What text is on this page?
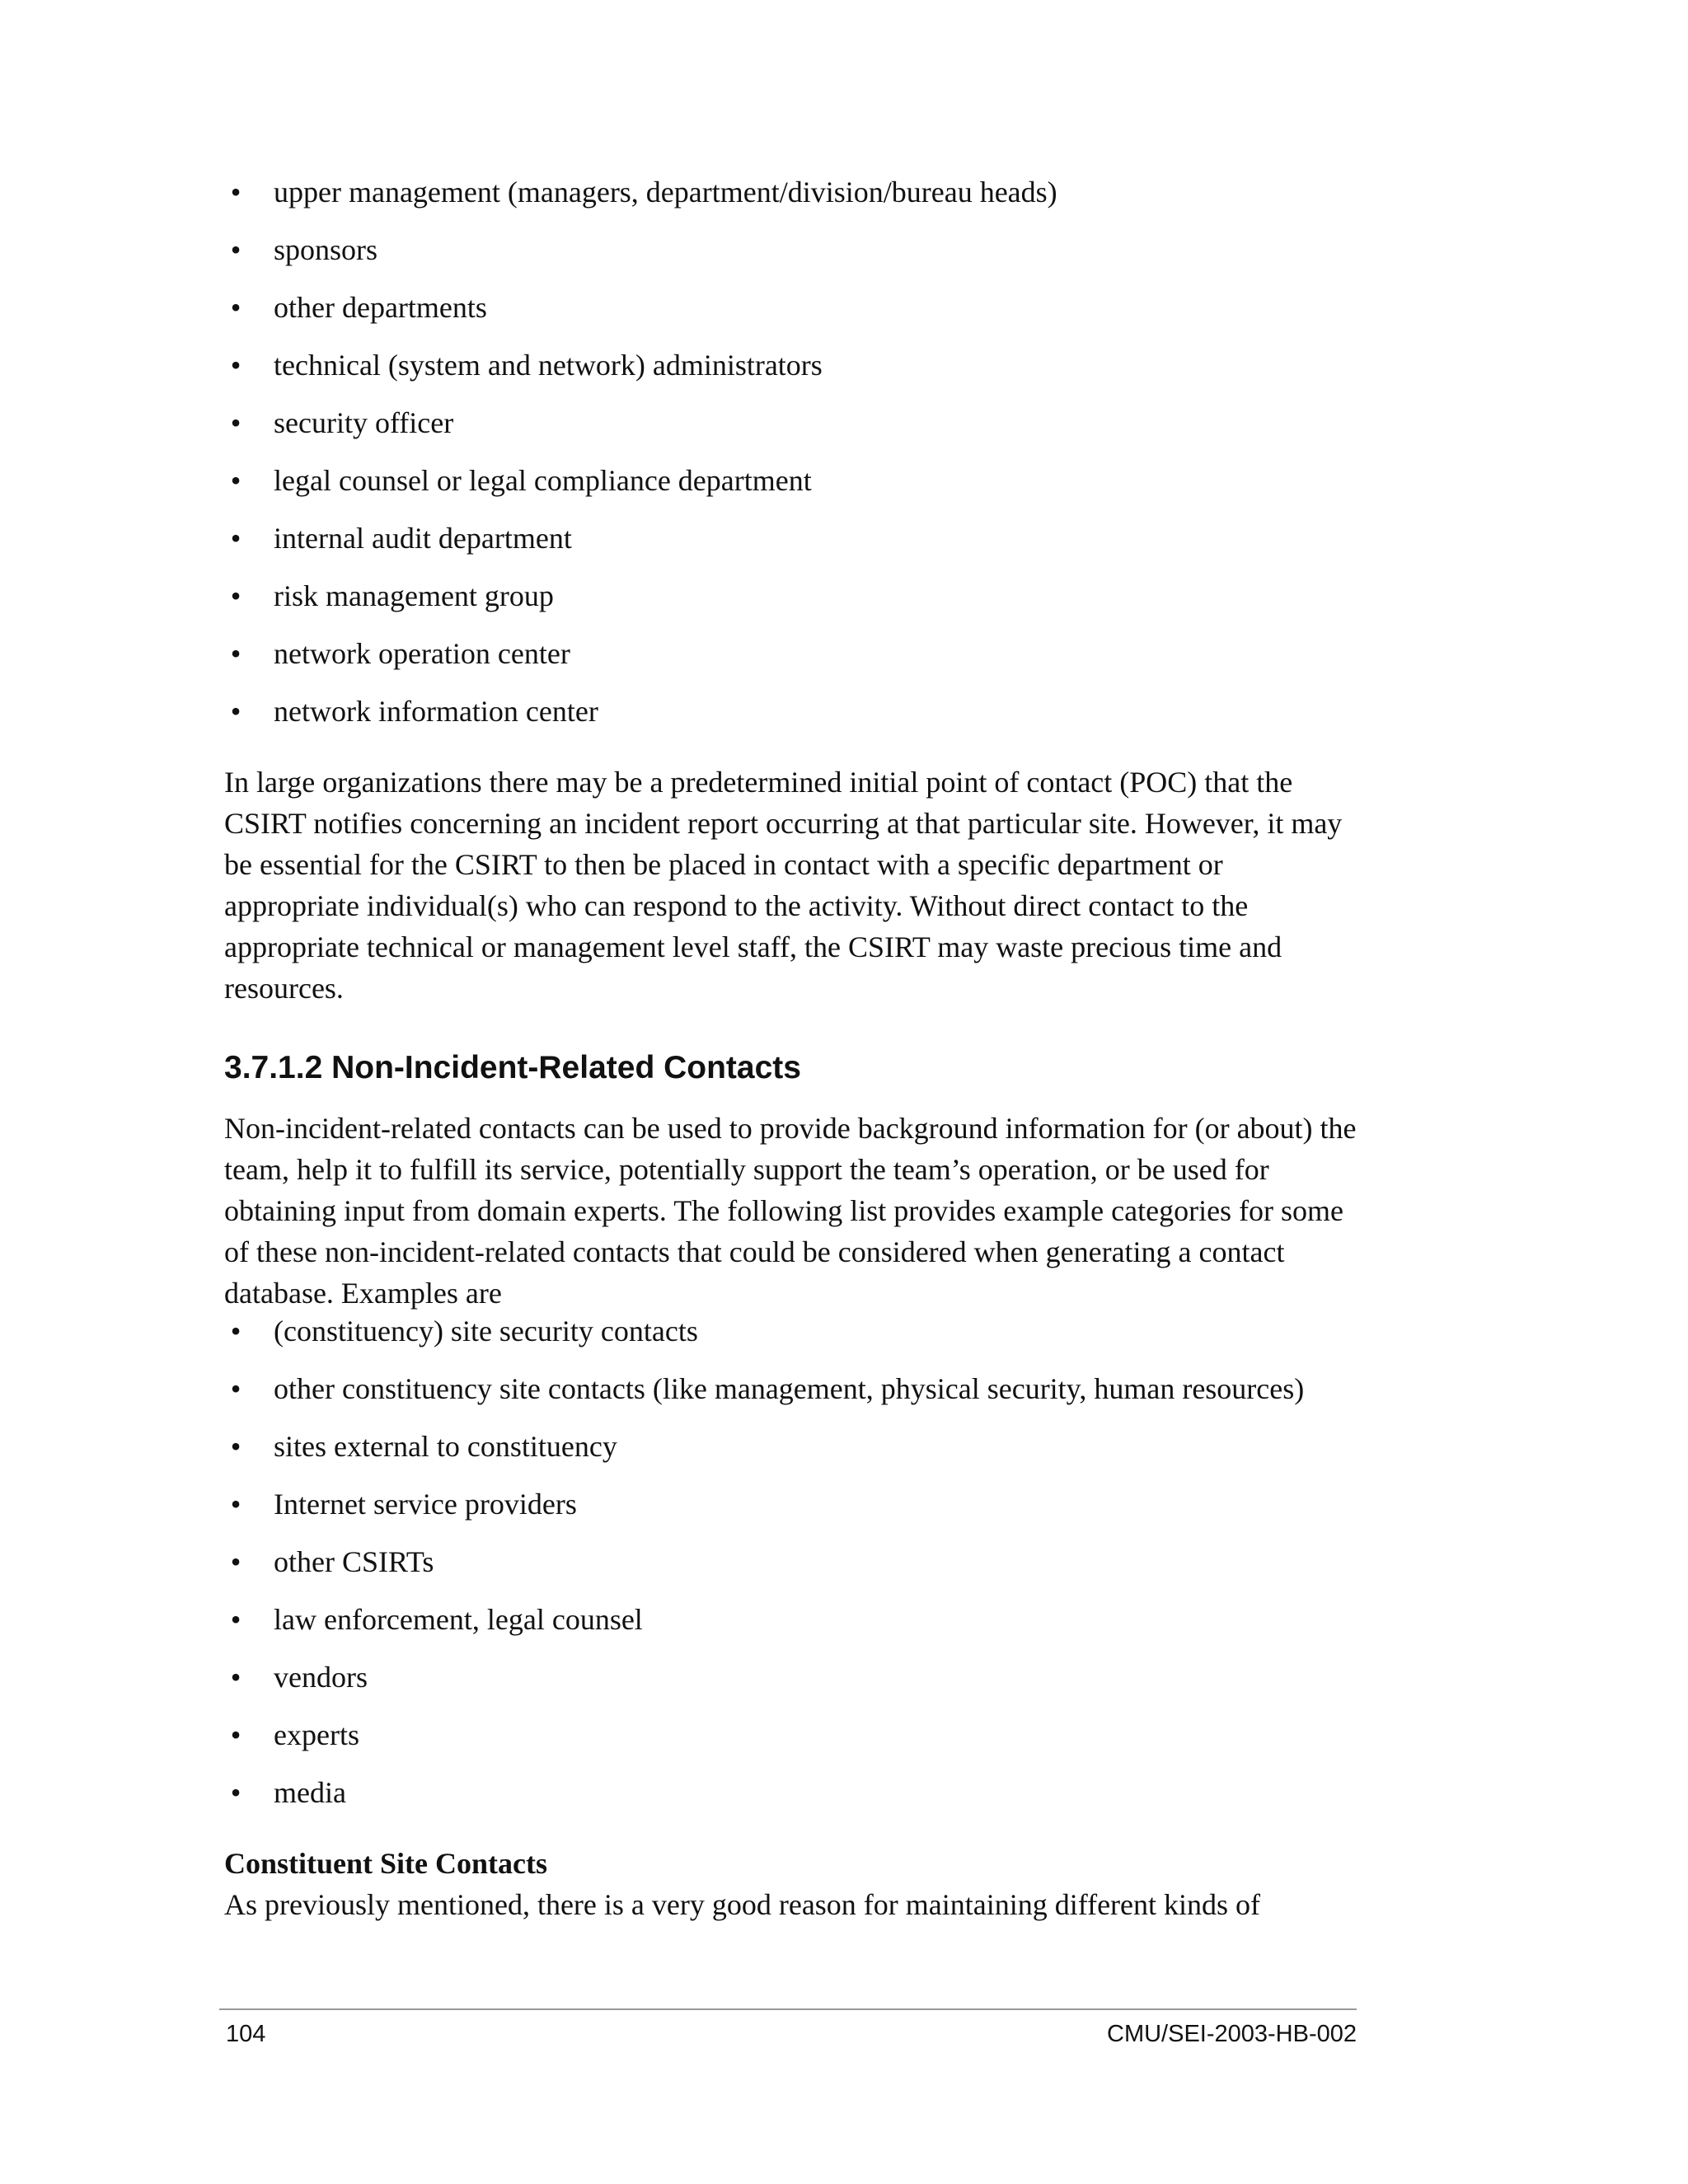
• upper management (managers, department/division/bureau heads)
• sponsors
• other departments
• technical (system and network) administrators
• security officer
• legal counsel or legal compliance department
• internal audit department
• risk management group
• network operation center
• network information center

In large organizations there may be a predetermined initial point of contact (POC) that the CSIRT notifies concerning an incident report occurring at that particular site. However, it may be essential for the CSIRT to then be placed in contact with a specific department or appropriate individual(s) who can respond to the activity. Without direct contact to the appropriate technical or management level staff, the CSIRT may waste precious time and resources.

3.7.1.2 Non-Incident-Related Contacts

Non-incident-related contacts can be used to provide background information for (or about) the team, help it to fulfill its service, potentially support the team’s operation, or be used for obtaining input from domain experts. The following list provides example categories for some of these non-incident-related contacts that could be considered when generating a contact database. Examples are

• (constituency) site security contacts
• other constituency site contacts (like management, physical security, human resources)
• sites external to constituency
• Internet service providers
• other CSIRTs
• law enforcement, legal counsel
• vendors
• experts
• media

Constituent Site Contacts

As previously mentioned, there is a very good reason for maintaining different kinds of

104	CMU/SEI-2003-HB-002
